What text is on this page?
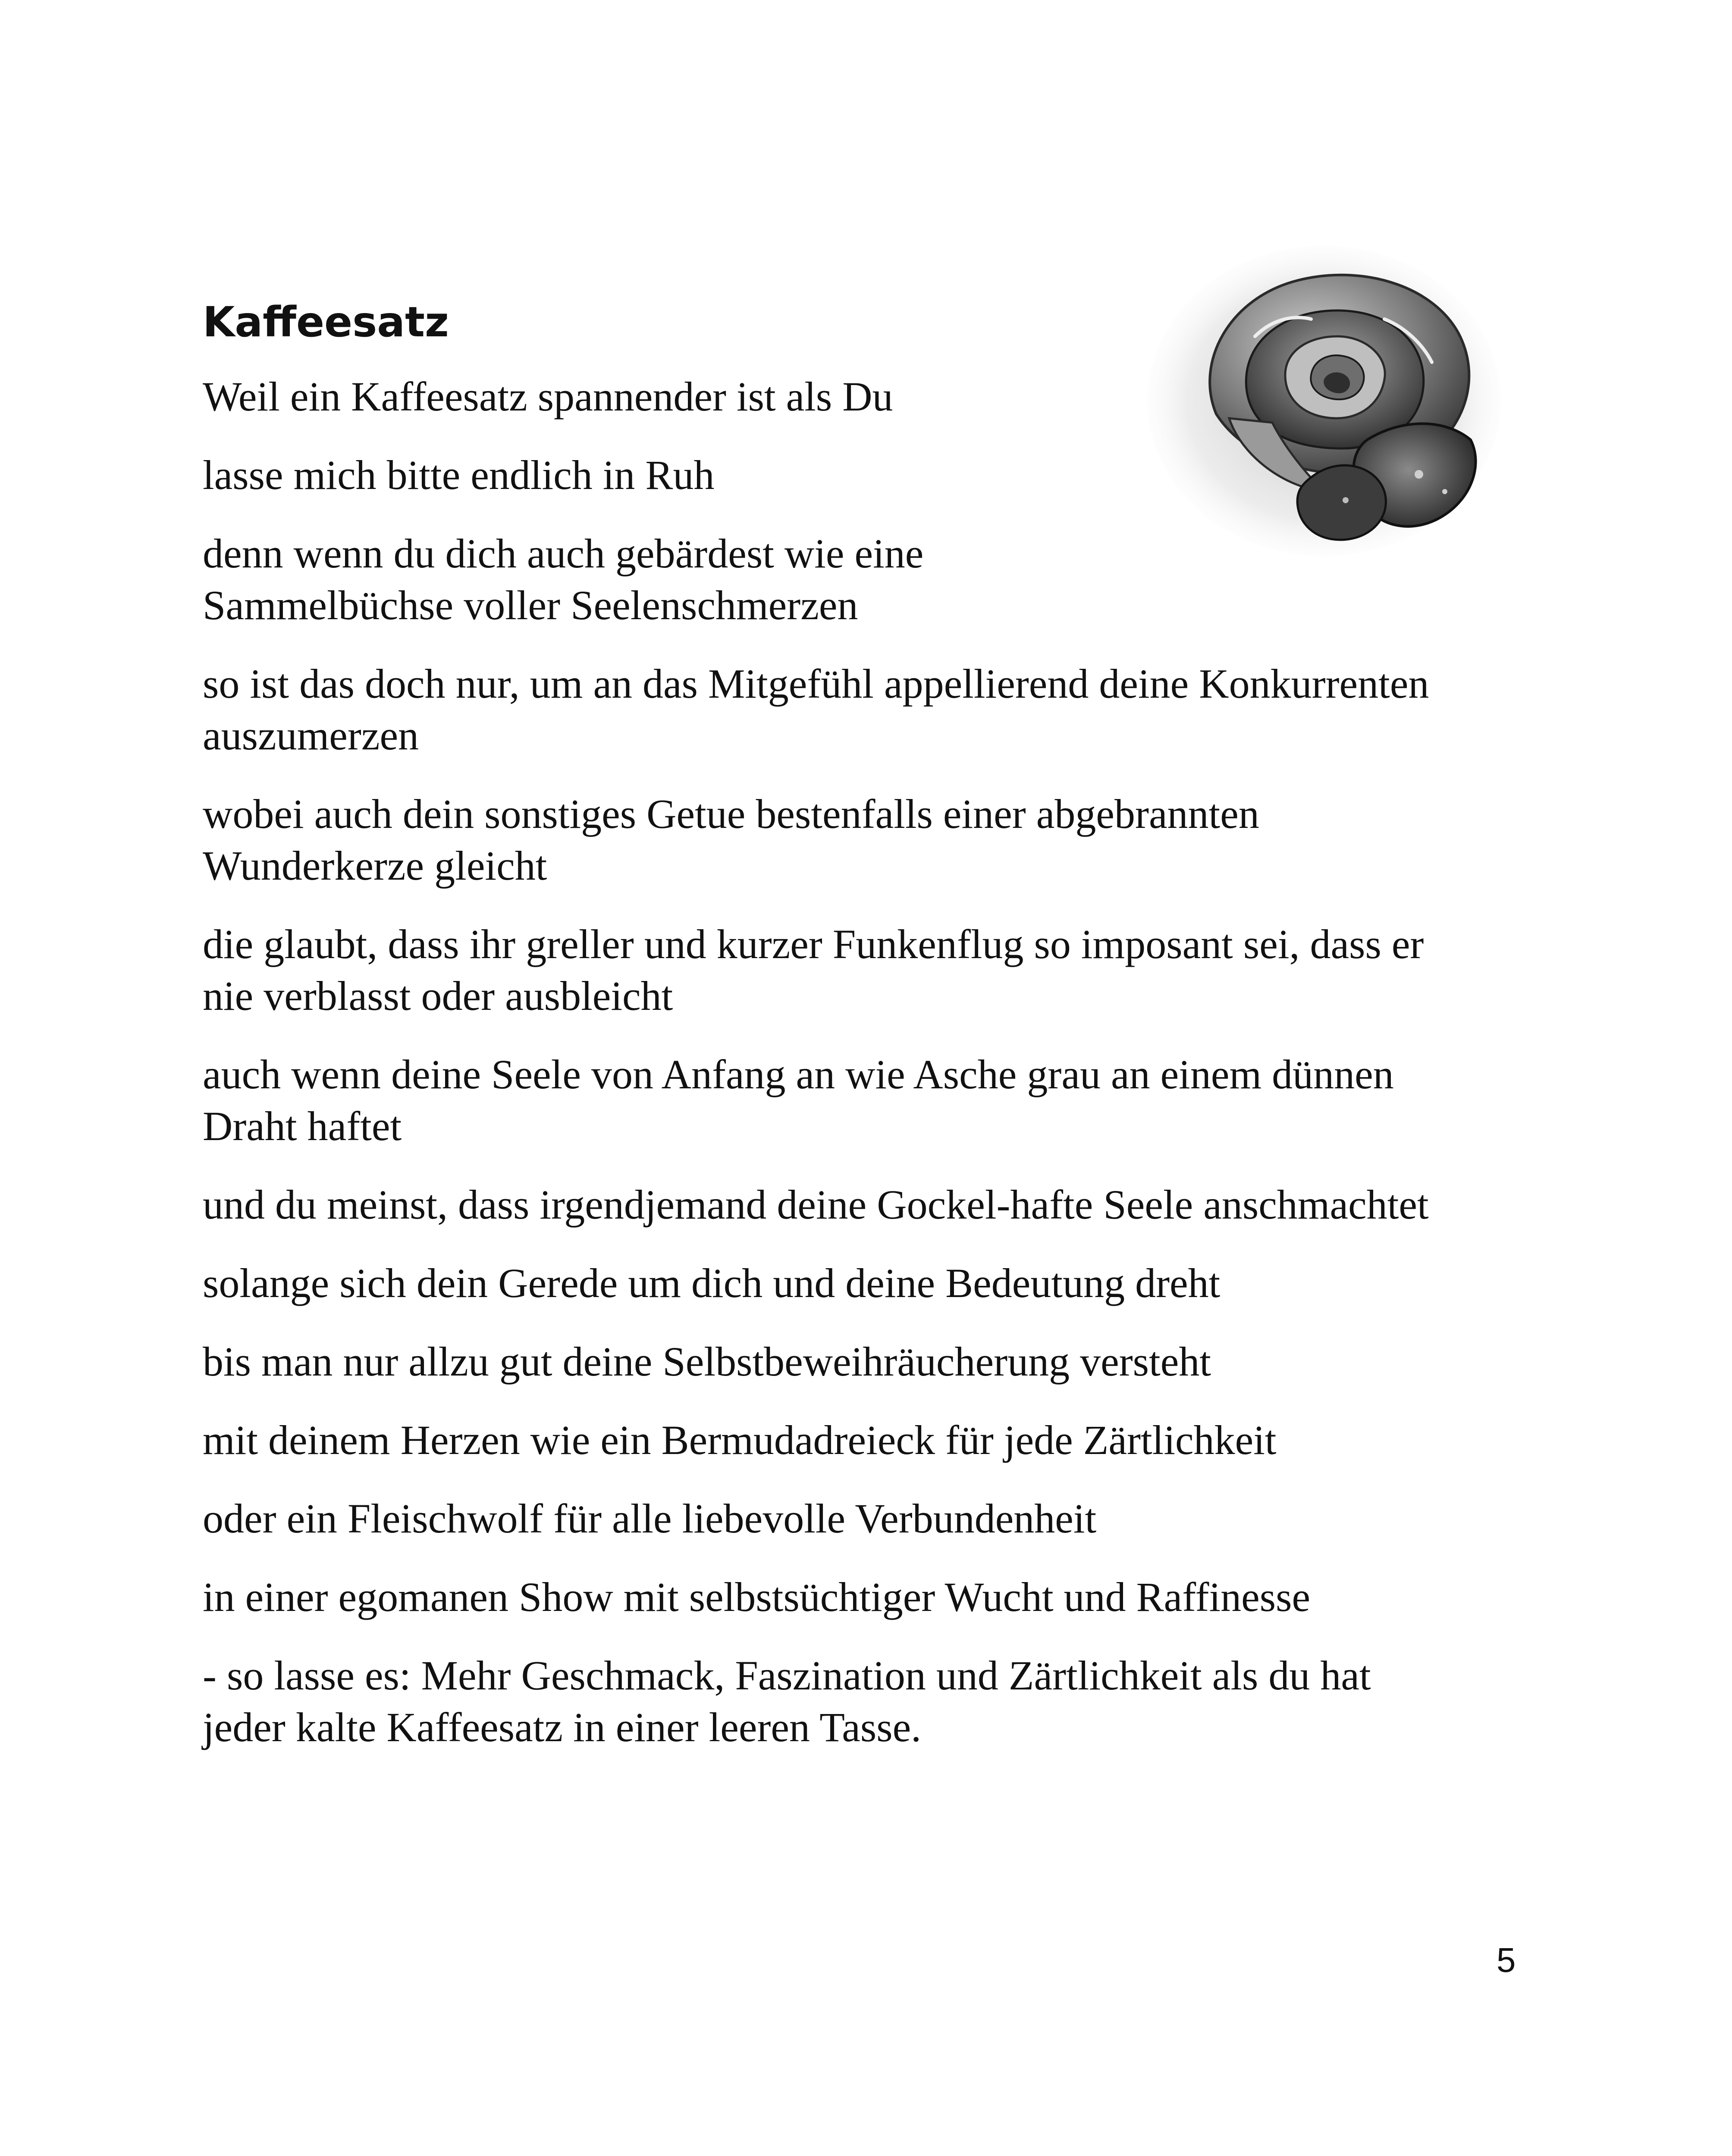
Kaffeesatz

Weil ein Kaffeesatz spannender ist als Du

lasse mich bitte endlich in Ruh

denn wenn du dich auch gebärdest wie eine
Sammelbüchse voller Seelenschmerzen

so ist das doch nur, um an das Mitgefühl appellierend deine Konkurrenten
auszumerzen

wobei auch dein sonstiges Getue bestenfalls einer abgebrannten
Wunderkerze gleicht

die glaubt, dass ihr greller und kurzer Funkenflug so imposant sei, dass er
nie verblasst oder ausbleicht

auch wenn deine Seele von Anfang an wie Asche grau an einem dünnen
Draht haftet

und du meinst, dass irgendjemand deine Gockel-hafte Seele anschmachtet

solange sich dein Gerede um dich und deine Bedeutung dreht

bis man nur allzu gut deine Selbstbeweihräucherung versteht

mit deinem Herzen wie ein Bermudadreieck für jede Zärtlichkeit

oder ein Fleischwolf für alle liebevolle Verbundenheit

in einer egomanen Show mit selbstsüchtiger Wucht und Raffinesse

- so lasse es: Mehr Geschmack, Faszination und Zärtlichkeit als du hat
jeder kalte Kaffeesatz in einer leeren Tasse.

5
